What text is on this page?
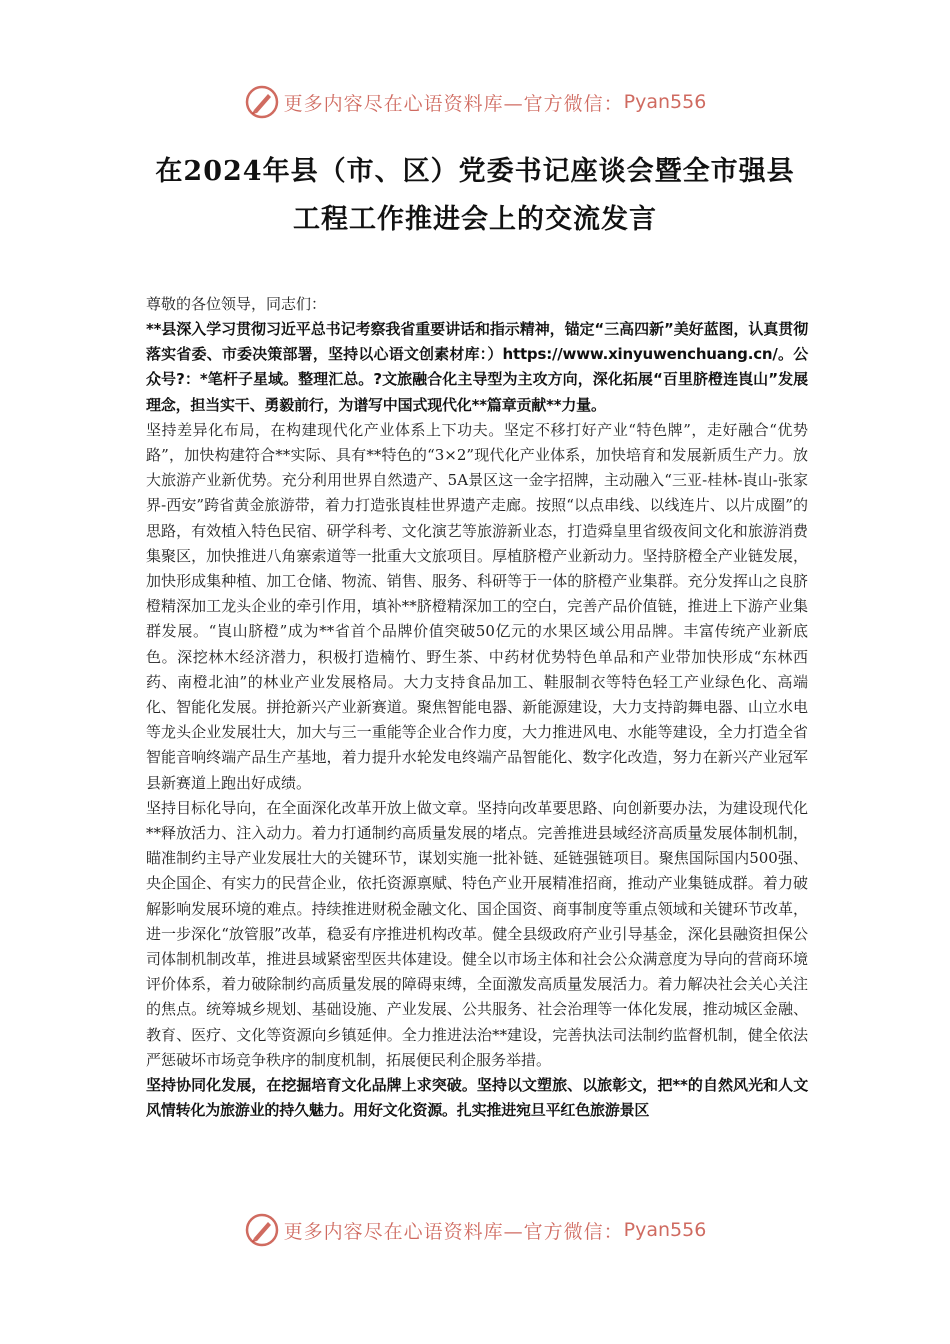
更多内容尽在心语资料库—官方微信： Pyan556
在2024年县（市、区）党委书记座谈会暨全市强县
工程工作推进会上的交流发言
尊敬的各位领导，同志们：

**县深入学习贯彻习近平总书记考察我省重要讲话和指示精神，锚定“三高四新”美好蓝图，认真贯彻落实省委、市委决策部署，坚持以心语文创素材库：）https://www.xinyuwenchuang.cn/。公众号?：*笔杆子星域。整理汇总。?文旅融合化主导型为主攻方向，深化拓展“百里脐橙连崀山”发展理念，担当实干、勇毅前行，为谱写中国式现代化**篇章贡献**力量。

坚持差异化布局，在构建现代化产业体系上下功夫。坚定不移打好产业“特色牌”，走好融合“优势路”，加快构建符合**实际、具有**特色的“3×2”现代化产业体系，加快培育和发展新质生产力。放大旅游产业新优势。充分利用世界自然遗产、5A景区这一金字招牌，主动融入“三亚-桂林-崀山-张家界-西安”跨省黄金旅游带，着力打造张崀桂世界遗产走廊。按照“以点串线、以线连片、以片成圈”的思路，有效植入特色民宿、研学科考、文化演艺等旅游新业态，打造舜皇里省级夜间文化和旅游消费集聚区，加快推进八角寨索道等一批重大文旅项目。厚植脐橙产业新动力。坚持脐橙全产业链发展，加快形成集种植、加工仓储、物流、销售、服务、科研等于一体的脐橙产业集群。充分发挥山之良脐橙精深加工龙头企业的牵引作用，填补**脐橙精深加工的空白，完善产品价值链，推进上下游产业集群发展。“崀山脐橙”成为**省首个品牌价值突破50亿元的水果区域公用品牌。丰富传统产业新底色。深挖林木经济潜力，积极打造楠竹、野生茶、中药材优势特色单品和产业带加快形成“东林西药、南橙北油”的林业产业发展格局。大力支持食品加工、鞋服制衣等特色轻工产业绿色化、高端化、智能化发展。拼抢新兴产业新赛道。聚焦智能电器、新能源建设，大力支持韵舞电器、山立水电等龙头企业发展壮大，加大与三一重能等企业合作力度，大力推进风电、水能等建设，全力打造全省智能音响终端产品生产基地，着力提升水轮发电终端产品智能化、数字化改造，努力在新兴产业冠军县新赛道上跑出好成绩。

坚持目标化导向，在全面深化改革开放上做文章。坚持向改革要思路、向创新要办法，为建设现代化**释放活力、注入动力。着力打通制约高质量发展的堵点。完善推进县域经济高质量发展体制机制，瞄准制约主导产业发展壮大的关键环节，谋划实施一批补链、延链强链项目。聚焦国际国内500强、央企国企、有实力的民营企业，依托资源禀赋、特色产业开展精准招商，推动产业集链成群。着力破解影响发展环境的难点。持续推进财税金融文化、国企国资、商事制度等重点领域和关键环节改革，进一步深化“放管服”改革，稳妥有序推进机构改革。健全县级政府产业引导基金，深化县融资担保公司体制机制改革，推进县域紧密型医共体建设。健全以市场主体和社会公众满意度为导向的营商环境评价体系，着力破除制约高质量发展的障碍束缚，全面激发高质量发展活力。着力解决社会关心关注的焦点。统筹城乡规划、基础设施、产业发展、公共服务、社会治理等一体化发展，推动城区金融、教育、医疗、文化等资源向乡镇延伸。全力推进法治**建设，完善执法司法制约监督机制，健全依法严惩破坏市场竞争秩序的制度机制，拓展便民利企服务举措。

坚持协同化发展，在挖掘培育文化品牌上求突破。坚持以文塑旅、以旅彰文，把**的自然风光和人文风情转化为旅游业的持久魅力。用好文化资源。扎实推进宛旦平红色旅游景区

更多内容尽在心语资料库—官方微信： Pyan556
